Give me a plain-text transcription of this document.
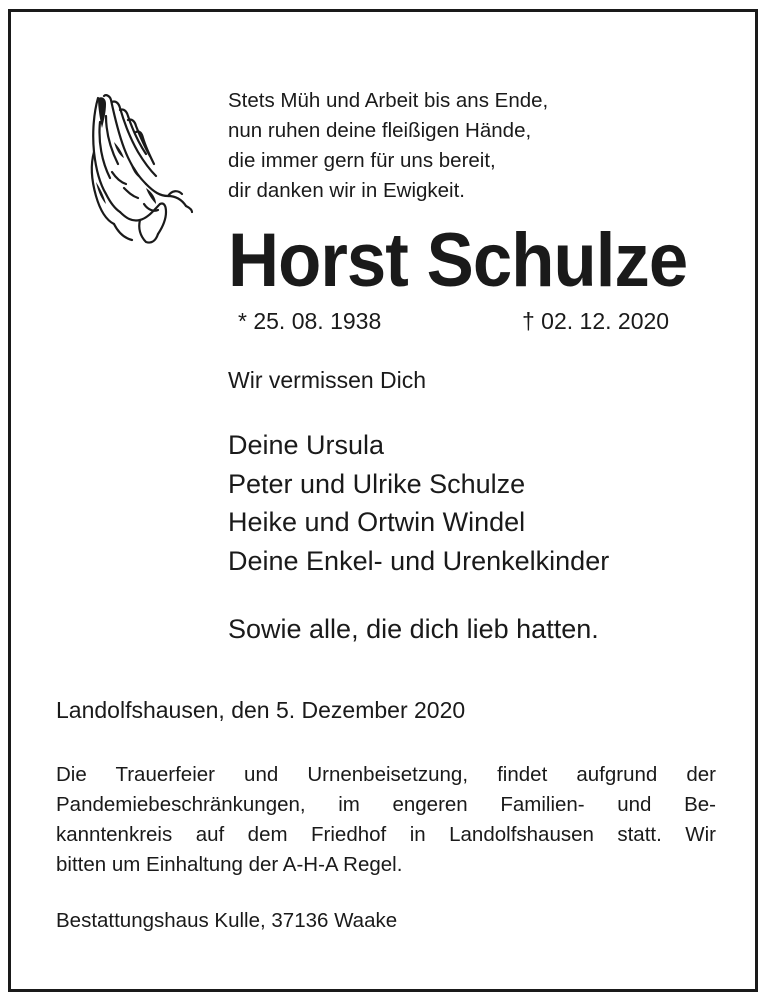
Stets Müh und Arbeit bis ans Ende,
nun ruhen deine fleißigen Hände,
die immer gern für uns bereit,
dir danken wir in Ewigkeit.
Horst Schulze
* 25. 08. 1938	† 02. 12. 2020
Wir vermissen Dich
Deine Ursula
Peter und Ulrike Schulze
Heike und Ortwin Windel
Deine Enkel- und Urenkelkinder
Sowie alle, die dich lieb hatten.
Landolfshausen, den 5. Dezember 2020
Die Trauerfeier und Urnenbeisetzung, findet aufgrund der
Pandemiebeschränkungen, im engeren Familien- und Be-
kanntenkreis auf dem Friedhof in Landolfshausen statt. Wir
bitten um Einhaltung der A-H-A Regel.
Bestattungshaus Kulle, 37136 Waake
